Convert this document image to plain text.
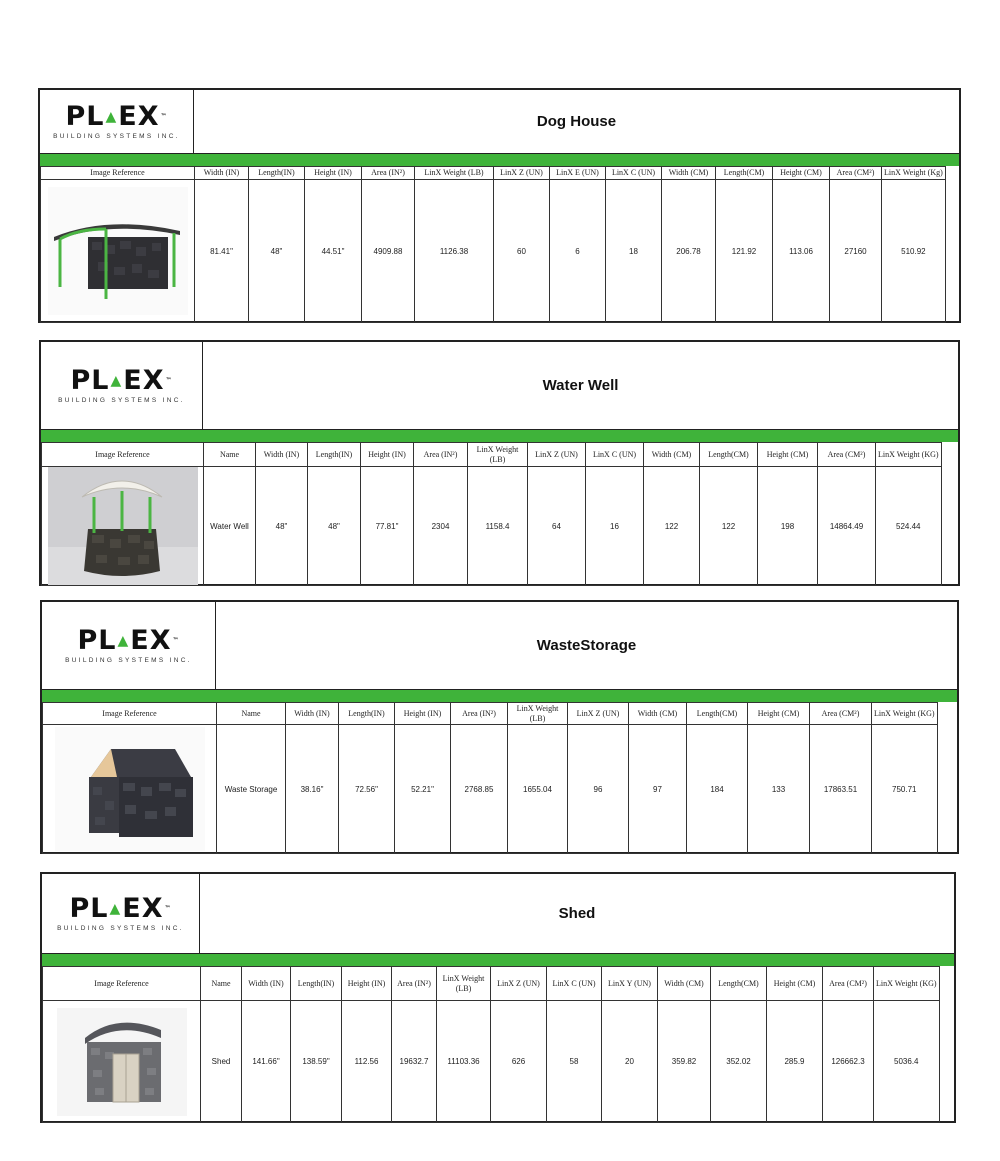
PL ▲ EX ™
BUILDING SYSTEMS INC.
Dog House
Image Reference	Width (IN)	Length(IN)	Height (IN)	Area (IN²)	LinX Weight (LB)	LinX Z (UN)	LinX E (UN)	LinX C (UN)	Width (CM)	Length(CM)	Height (CM)	Area (CM²)	LinX Weight (Kg)

	81.41"	48"	44.51"	4909.88	1126.38	60	6	18	206.78	121.92	113.06	27160	510.92
PL ▲ EX ™
BUILDING SYSTEMS INC.
Water Well
Image Reference	Name	Width (IN)	Length(IN)	Height (IN)	Area (IN²)	LinX Weight (LB)	LinX Z (UN)	LinX C (UN)	Width (CM)	Length(CM)	Height (CM)	Area (CM²)	LinX Weight (KG)

	Water Well	48"	48"	77.81"	2304	1158.4	64	16	122	122	198	14864.49	524.44
PL ▲ EX ™
BUILDING SYSTEMS INC.
Waste Storage
Image Reference	Name	Width (IN)	Length(IN)	Height (IN)	Area (IN²)	LinX Weight (LB)	LinX Z (UN)	Width (CM)	Length(CM)	Height (CM)	Area (CM²)	LinX Weight (KG)

	Waste Storage	38.16"	72.56"	52.21"	2768.85	1655.04	96	97	184	133	17863.51	750.71
PL ▲ EX ™
BUILDING SYSTEMS INC.
Shed
Image Reference	Name	Width (IN)	Length(IN)	Height (IN)	Area (IN²)	LinX Weight (LB)	LinX Z (UN)	LinX C (UN)	LinX Y (UN)	Width (CM)	Length(CM)	Height (CM)	Area (CM²)	LinX Weight (KG)

	Shed	141.66"	138.59"	112.56	19632.7	11103.36	626	58	20	359.82	352.02	285.9	126662.3	5036.4
